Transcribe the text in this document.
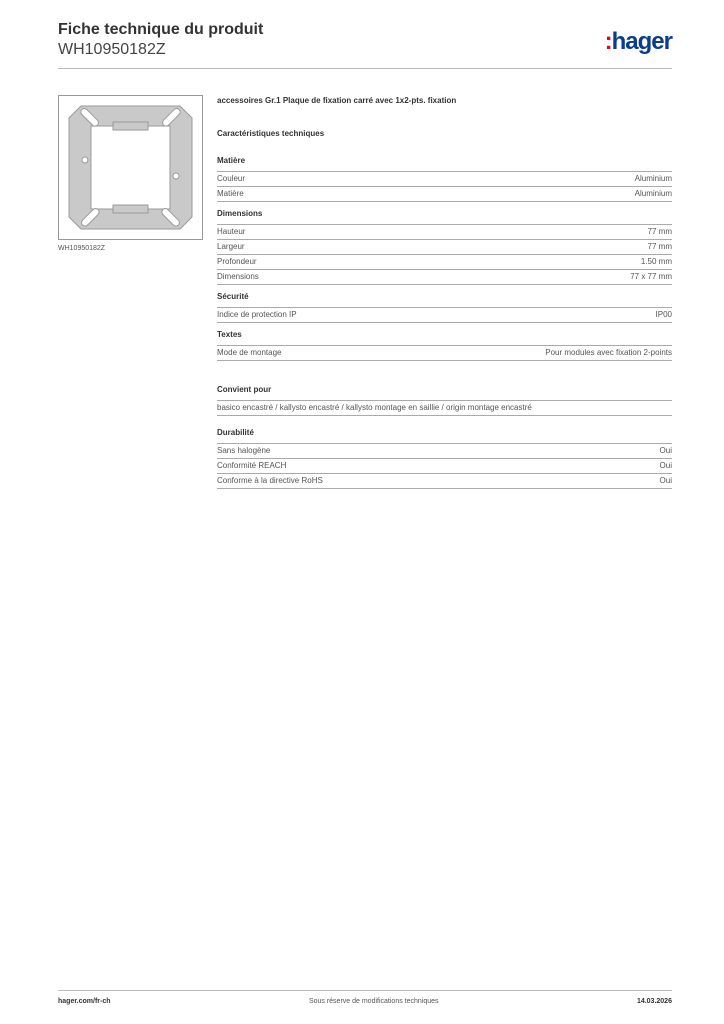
Fiche technique du produit
WH10950182Z	:hager
WH10950182Z
accessoires Gr.1 Plaque de fixation carré avec 1x2-pts. fixation
Caractéristiques techniques
Matière
Couleur	Aluminium
Matière	Aluminium
Dimensions
Hauteur	77 mm
Largeur	77 mm
Profondeur	1.50 mm
Dimensions	77 x 77 mm
Sécurité
Indice de protection IP	IP00
Textes
Mode de montage	Pour modules avec fixation 2-points
Convient pour
basico encastré / kallysto encastré / kallysto montage en saillie / origin montage encastré
Durabilité
Sans halogène	Oui
Conformité REACH	Oui
Conforme à la directive RoHS	Oui
hager.com/fr-ch	Sous réserve de modifications techniques	14.03.2026
